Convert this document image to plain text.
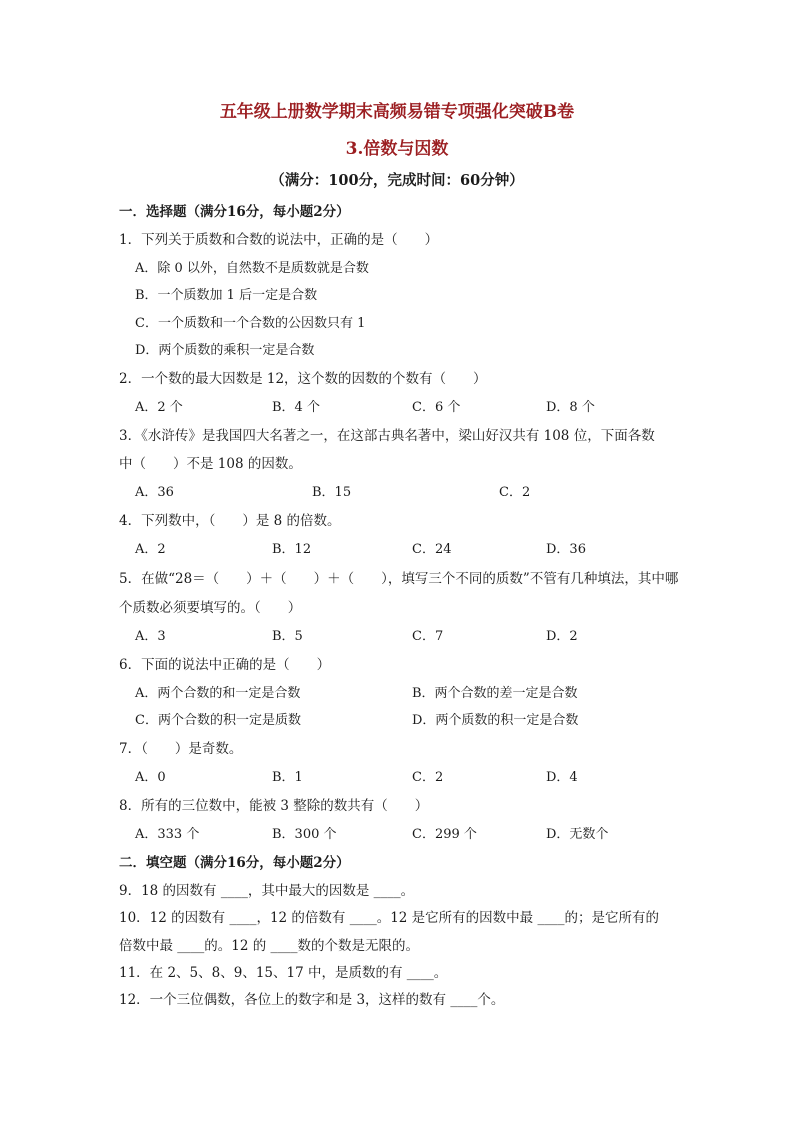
五年级上册数学期末高频易错专项强化突破B卷
3.倍数与因数
（满分：100分，完成时间：60分钟）
一．选择题（满分16分，每小题2分）
1．下列关于质数和合数的说法中，正确的是（　　）
A．除 0 以外，自然数不是质数就是合数
B．一个质数加 1 后一定是合数
C．一个质数和一个合数的公因数只有 1
D．两个质数的乘积一定是合数
2．一个数的最大因数是 12，这个数的因数的个数有（　　）
A．2 个	B．4 个	C．6 个	D．8 个
3．《水浒传》是我国四大名著之一，在这部古典名著中，梁山好汉共有 108 位，下面各数
中（　　）不是 108 的因数。
A．36	B．15	C．2
4．下列数中，（　　）是 8 的倍数。
A．2	B．12	C．24	D．36
5．在做“28＝（　　）＋（　　）＋（　　），填写三个不同的质数”不管有几种填法，其中哪
个质数必须要填写的。（　　）
A．3	B．5	C．7	D．2
6．下面的说法中正确的是（　　）
A．两个合数的和一定是合数	B．两个合数的差一定是合数
C．两个合数的积一定是质数	D．两个质数的积一定是合数
7．（　　）是奇数。
A．0	B．1	C．2	D．4
8．所有的三位数中，能被 3 整除的数共有（　　）
A．333 个	B．300 个	C．299 个	D．无数个
二．填空题（满分16分，每小题2分）
9．18 的因数有 ____，其中最大的因数是 ____。
10．12 的因数有 ____，12 的倍数有 ____。12 是它所有的因数中最 ____的；是它所有的
倍数中最 ____的。12 的 ____数的个数是无限的。
11．在 2、5、8、9、15、17 中，是质数的有 ____。
12．一个三位偶数，各位上的数字和是 3，这样的数有 ____个。
